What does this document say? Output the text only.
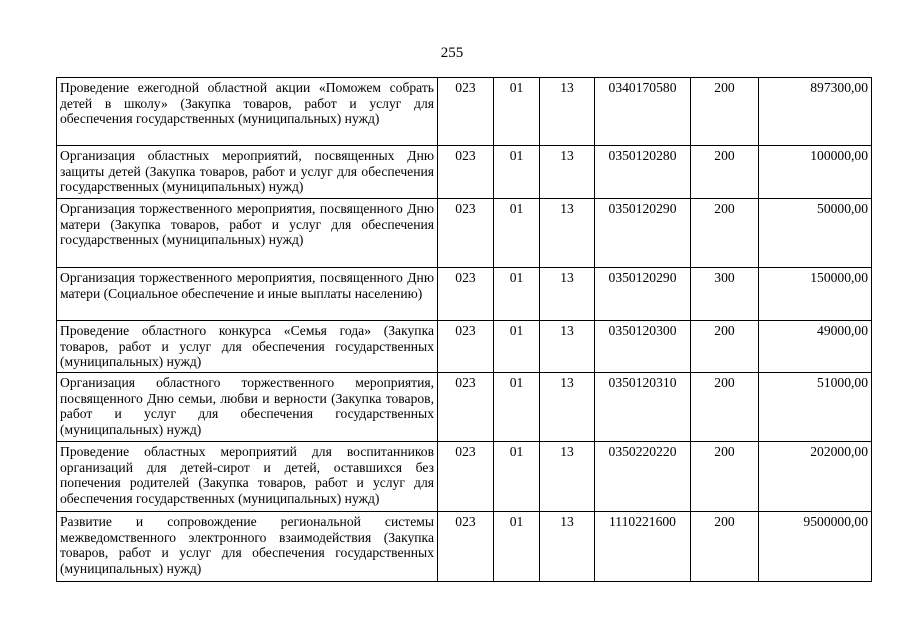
255
Проведение ежегодной областной акции «Поможем собрать детей в школу» (Закупка товаров, работ и услуг для обеспечения государственных (муниципальных) нужд)	023	01	13	0340170580	200	897300,00
Организация областных мероприятий, посвященных Дню защиты детей (Закупка товаров, работ и услуг для обеспечения государственных (муниципальных) нужд)	023	01	13	0350120280	200	100000,00
Организация торжественного мероприятия, посвященного Дню матери (Закупка товаров, работ и услуг для обеспечения государственных (муниципальных) нужд)	023	01	13	0350120290	200	50000,00
Организация торжественного мероприятия, посвященного Дню матери (Социальное обеспечение и иные выплаты населению)	023	01	13	0350120290	300	150000,00
Проведение областного конкурса «Семья года» (Закупка товаров, работ и услуг для обеспечения государственных (муниципальных) нужд)	023	01	13	0350120300	200	49000,00
Организация областного торжественного мероприятия, посвященного Дню семьи, любви и верности (Закупка товаров, работ и услуг для обеспечения государственных (муниципальных) нужд)	023	01	13	0350120310	200	51000,00
Проведение областных мероприятий для воспитанников организаций для детей-сирот и детей, оставшихся без попечения родителей (Закупка товаров, работ и услуг для обеспечения государственных (муниципальных) нужд)	023	01	13	0350220220	200	202000,00
Развитие и сопровождение региональной системы межведомственного электронного взаимодействия (Закупка товаров, работ и услуг для обеспечения государственных (муниципальных) нужд)	023	01	13	1110221600	200	9500000,00
